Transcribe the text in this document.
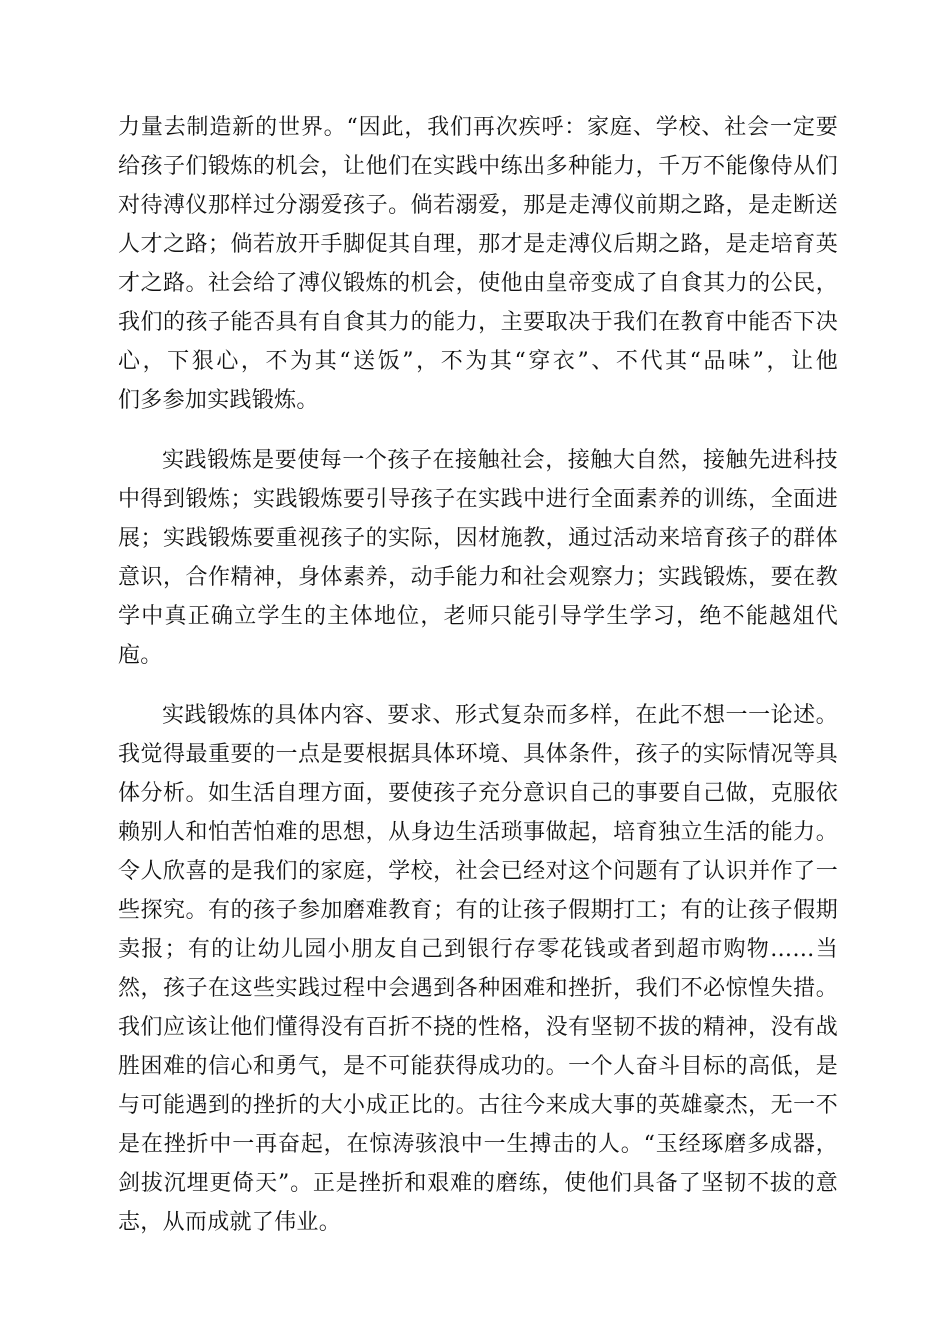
力量去制造新的世界。“因此，我们再次疾呼：家庭、学校、社会一定要
给孩子们锻炼的机会，让他们在实践中练出多种能力，千万不能像侍从们
对待溥仪那样过分溺爱孩子。倘若溺爱，那是走溥仪前期之路，是走断送
人才之路；倘若放开手脚促其自理，那才是走溥仪后期之路，是走培育英
才之路。社会给了溥仪锻炼的机会，使他由皇帝变成了自食其力的公民，
我们的孩子能否具有自食其力的能力，主要取决于我们在教育中能否下决
心，下狠心，不为其“送饭”，不为其“穿衣”、不代其“品味”，让他
们多参加实践锻炼。
实践锻炼是要使每一个孩子在接触社会，接触大自然，接触先进科技
中得到锻炼；实践锻炼要引导孩子在实践中进行全面素养的训练，全面进
展；实践锻炼要重视孩子的实际，因材施教，通过活动来培育孩子的群体
意识，合作精神，身体素养，动手能力和社会观察力；实践锻炼，要在教
学中真正确立学生的主体地位，老师只能引导学生学习，绝不能越俎代
庖。
实践锻炼的具体内容、要求、形式复杂而多样，在此不想一一论述。
我觉得最重要的一点是要根据具体环境、具体条件，孩子的实际情况等具
体分析。如生活自理方面，要使孩子充分意识自己的事要自己做，克服依
赖别人和怕苦怕难的思想，从身边生活琐事做起，培育独立生活的能力。
令人欣喜的是我们的家庭，学校，社会已经对这个问题有了认识并作了一
些探究。有的孩子参加磨难教育；有的让孩子假期打工；有的让孩子假期
卖报；有的让幼儿园小朋友自己到银行存零花钱或者到超市购物……当
然，孩子在这些实践过程中会遇到各种困难和挫折，我们不必惊惶失措。
我们应该让他们懂得没有百折不挠的性格，没有坚韧不拔的精神，没有战
胜困难的信心和勇气，是不可能获得成功的。一个人奋斗目标的高低，是
与可能遇到的挫折的大小成正比的。古往今来成大事的英雄豪杰，无一不
是在挫折中一再奋起，在惊涛骇浪中一生搏击的人。“玉经琢磨多成器，
剑拔沉埋更倚天”。正是挫折和艰难的磨练，使他们具备了坚韧不拔的意
志，从而成就了伟业。
